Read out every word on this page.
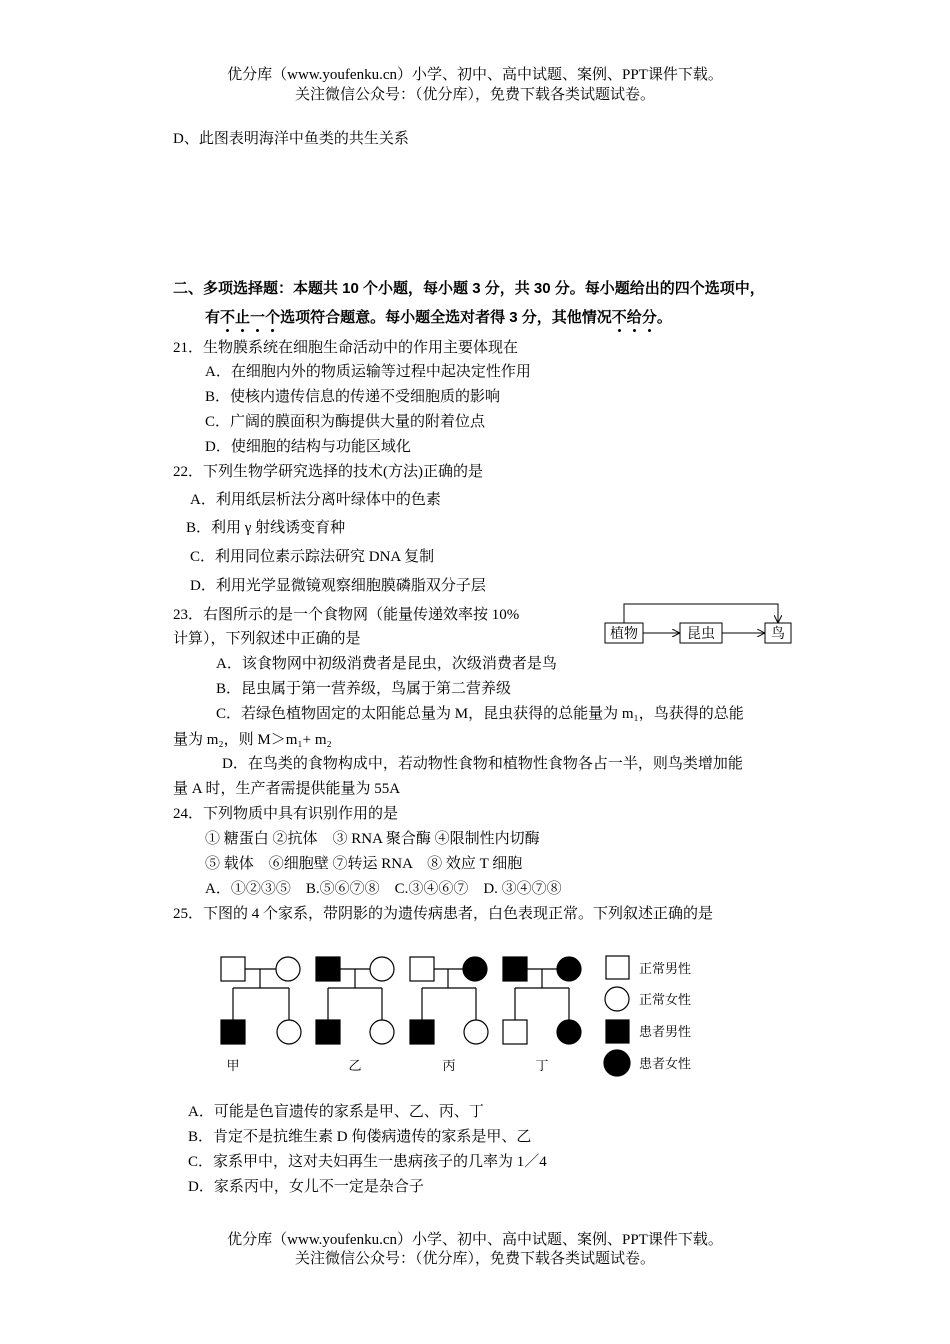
优分库（www.youfenku.cn）小学、初中、高中试题、案例、PPT课件下载。
关注微信公众号：（优分库），免费下载各类试题试卷。
D、此图表明海洋中鱼类的共生关系
二、多项选择题：本题共 10 个小题，每小题 3 分，共 30 分。每小题给出的四个选项中，
有不止一个选项符合题意。每小题全选对者得 3 分，其他情况不给分。
21．生物膜系统在细胞生命活动中的作用主要体现在
A．在细胞内外的物质运输等过程中起决定性作用
B．使核内遗传信息的传递不受细胞质的影响
C．广阔的膜面积为酶提供大量的附着位点
D．使细胞的结构与功能区域化
22．下列生物学研究选择的技术(方法)正确的是
A．利用纸层析法分离叶绿体中的色素
B．利用 γ 射线诱变育种
C．利用同位素示踪法研究 DNA 复制
D．利用光学显微镜观察细胞膜磷脂双分子层
23．右图所示的是一个食物网（能量传递效率按 10%
计算），下列叙述中正确的是	植物	昆虫	鸟
A．该食物网中初级消费者是昆虫，次级消费者是鸟
B．昆虫属于第一营养级，鸟属于第二营养级
C．若绿色植物固定的太阳能总量为 M，昆虫获得的总能量为 m₁，鸟获得的总能
量为 m₂，则 M＞m₁+ m₂
D．在鸟类的食物构成中，若动物性食物和植物性食物各占一半，则鸟类增加能
量 A 时，生产者需提供能量为 55A
24．下列物质中具有识别作用的是
① 糖蛋白 ②抗体　③ RNA 聚合酶 ④限制性内切酶
⑤ 载体　⑥细胞壁 ⑦转运 RNA　⑧ 效应 T 细胞
A．①②③⑤　B.⑤⑥⑦⑧　C.③④⑥⑦　D. ③④⑦⑧
25．下图的 4 个家系，带阴影的为遗传病患者，白色表现正常。下列叙述正确的是
甲	乙	丙	丁
正常男性
正常女性
患者男性
患者女性
A．可能是色盲遗传的家系是甲、乙、丙、丁
B．肯定不是抗维生素 D 佝偻病遗传的家系是甲、乙
C．家系甲中，这对夫妇再生一患病孩子的几率为 1／4
D．家系丙中，女儿不一定是杂合子
优分库（www.youfenku.cn）小学、初中、高中试题、案例、PPT课件下载。
关注微信公众号：（优分库），免费下载各类试题试卷。
